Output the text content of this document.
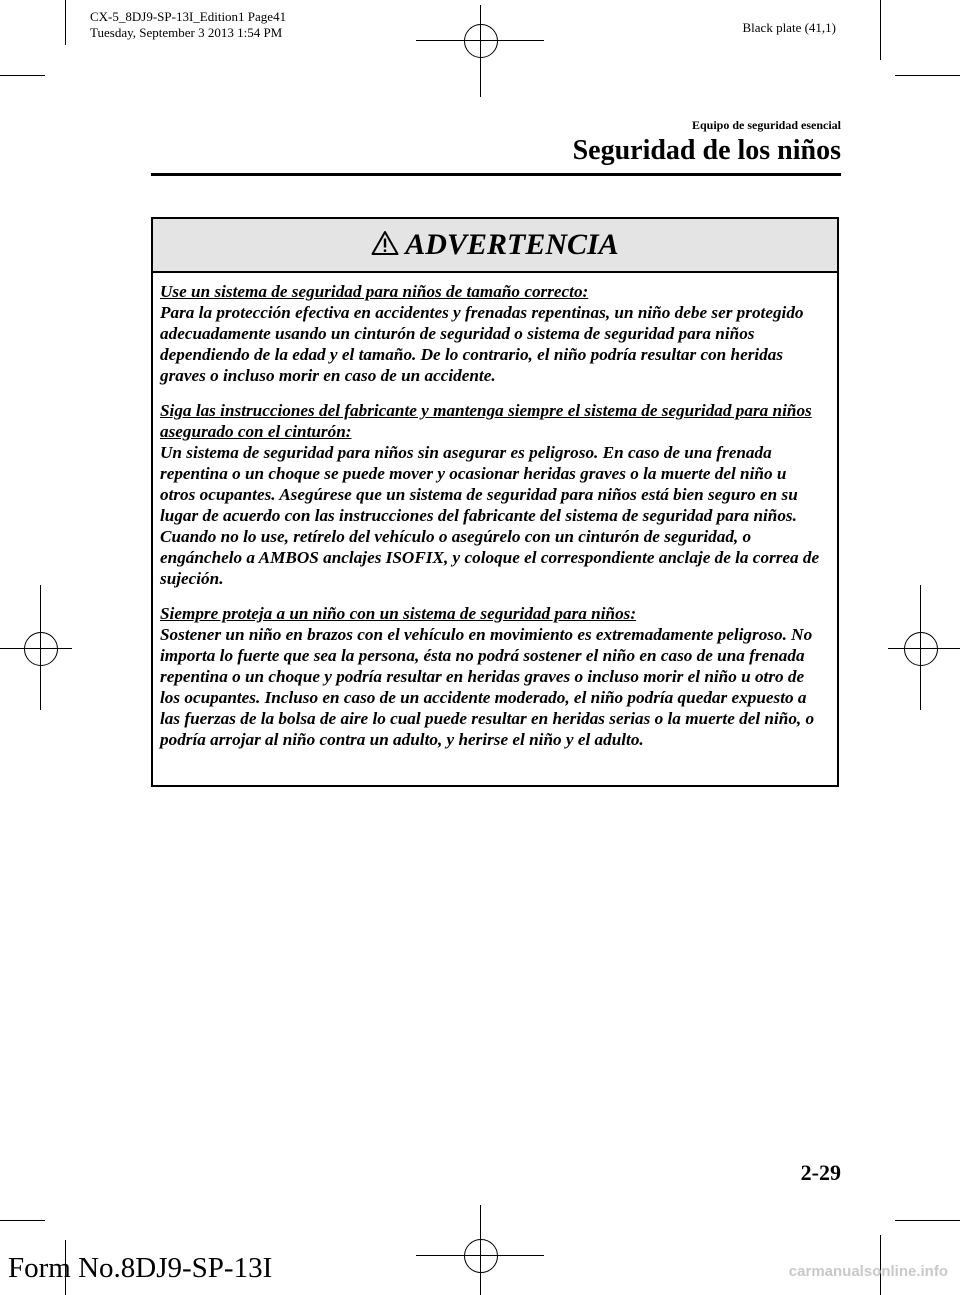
CX-5_8DJ9-SP-13I_Edition1 Page41
Tuesday, September 3 2013 1:54 PM	Black plate (41,1)
Equipo de seguridad esencial
Seguridad de los niños
ADVERTENCIA

Use un sistema de seguridad para niños de tamaño correcto:
Para la protección efectiva en accidentes y frenadas repentinas, un niño debe ser protegido adecuadamente usando un cinturón de seguridad o sistema de seguridad para niños dependiendo de la edad y el tamaño. De lo contrario, el niño podría resultar con heridas graves o incluso morir en caso de un accidente.

Siga las instrucciones del fabricante y mantenga siempre el sistema de seguridad para niños asegurado con el cinturón:
Un sistema de seguridad para niños sin asegurar es peligroso. En caso de una frenada repentina o un choque se puede mover y ocasionar heridas graves o la muerte del niño u otros ocupantes. Asegúrese que un sistema de seguridad para niños está bien seguro en su lugar de acuerdo con las instrucciones del fabricante del sistema de seguridad para niños. Cuando no lo use, retírelo del vehículo o asegúrelo con un cinturón de seguridad, o engánchelo a AMBOS anclajes ISOFIX, y coloque el correspondiente anclaje de la correa de sujeción.

Siempre proteja a un niño con un sistema de seguridad para niños:
Sostener un niño en brazos con el vehículo en movimiento es extremadamente peligroso. No importa lo fuerte que sea la persona, ésta no podrá sostener el niño en caso de una frenada repentina o un choque y podría resultar en heridas graves o incluso morir el niño u otro de los ocupantes. Incluso en caso de un accidente moderado, el niño podría quedar expuesto a las fuerzas de la bolsa de aire lo cual puede resultar en heridas serias o la muerte del niño, o podría arrojar al niño contra un adulto, y herirse el niño y el adulto.

2-29
Form No.8DJ9-SP-13I	carmanualsonline.info
